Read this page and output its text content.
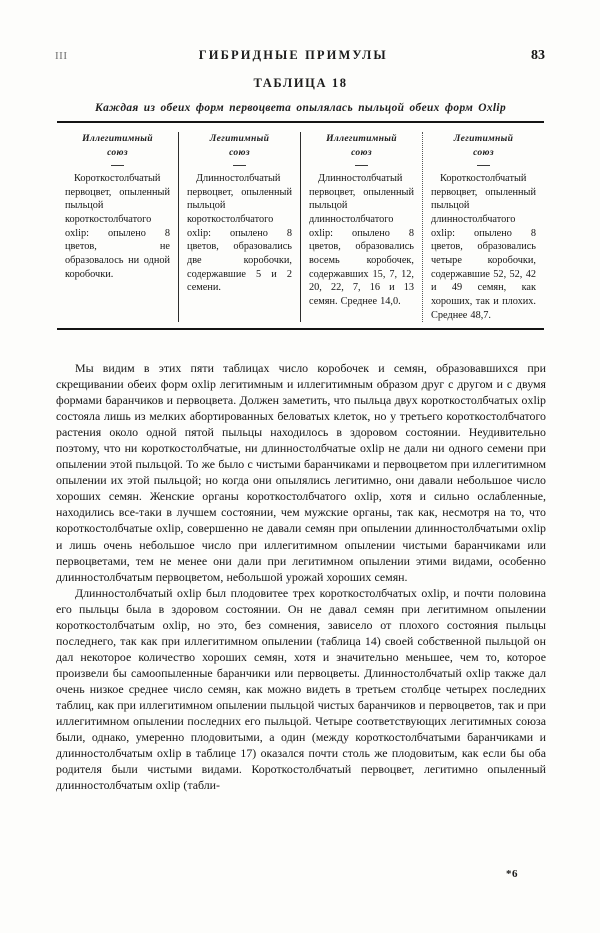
III	ГИБРИДНЫЕ ПРИМУЛЫ	83
ТАБЛИЦА 18
Каждая из обеих форм первоцвета опылялась пыльцой обеих форм Oxlip
Иллегитимный
союз
Короткостолбчатый первоцвет, опыленный пыльцой короткостолбчатого oxlip: опылено 8 цветов, не образовалось ни одной коробочки.
Легитимный
союз
Длинностолбчатый первоцвет, опыленный пыльцой короткостолбчатого oxlip: опылено 8 цветов, образовались две коробочки, содержавшие 5 и 2 семени.
Иллегитимный
союз
Длинностолбчатый первоцвет, опыленный пыльцой длинностолбчатого oxlip: опылено 8 цветов, образовались восемь коробочек, содержавших 15, 7, 12, 20, 22, 7, 16 и 13 семян. Среднее 14,0.
Легитимный
союз
Короткостолбчатый первоцвет, опыленный пыльцой длинностолбчатого oxlip: опылено 8 цветов, образовались четыре коробочки, содержавшие 52, 52, 42 и 49 семян, как хороших, так и плохих. Среднее 48,7.

Мы видим в этих пяти таблицах число коробочек и семян, образовавшихся при скрещивании обеих форм oxlip легитимным и иллегитимным образом друг с другом и с двумя формами баранчиков и первоцвета. Должен заметить, что пыльца двух короткостолбчатых oxlip состояла лишь из мелких абортированных беловатых клеток, но у третьего короткостолбчатого растения около одной пятой пыльцы находилось в здоровом состоянии. Неудивительно поэтому, что ни короткостолбчатые, ни длинностолбчатые oxlip не дали ни одного семени при опылении этой пыльцой. То же было с чистыми баранчиками и первоцветом при иллегитимном опылении их этой пыльцой; но когда они опылялись легитимно, они давали небольшое число хороших семян. Женские органы короткостолбчатого oxlip, хотя и сильно ослабленные, находились все-таки в лучшем состоянии, чем мужские органы, так как, несмотря на то, что короткостолбчатые oxlip, совершенно не давали семян при опылении длинностолбчатыми oxlip и лишь очень небольшое число при иллегитимном опылении чистыми баранчиками или первоцветами, тем не менее они дали при легитимном опылении этими видами, особенно длинностолбчатым первоцветом, небольшой урожай хороших семян.

Длинностолбчатый oxlip был плодовитее трех короткостолбчатых oxlip, и почти половина его пыльцы была в здоровом состоянии. Он не давал семян при легитимном опылении короткостолбчатым oxlip, но это, без сомнения, зависело от плохого состояния пыльцы последнего, так как при иллегитимном опылении (таблица 14) своей собственной пыльцой он дал некоторое количество хороших семян, хотя и значительно меньшее, чем то, которое произвели бы самоопыленные баранчики или первоцветы. Длинностолбчатый oxlip также дал очень низкое среднее число семян, как можно видеть в третьем столбце четырех последних таблиц, как при иллегитимном опылении пыльцой чистых баранчиков и первоцветов, так и при иллегитимном опылении последних его пыльцой. Четыре соответствующих легитимных союза были, однако, умеренно плодовитыми, а один (между короткостолбчатыми баранчиками и длинностолбчатым oxlip в таблице 17) оказался почти столь же плодовитым, как если бы оба родителя были чистыми видами. Короткостолбчатый первоцвет, легитимно опыленный длинностолбчатым oxlip (табли-

*6
